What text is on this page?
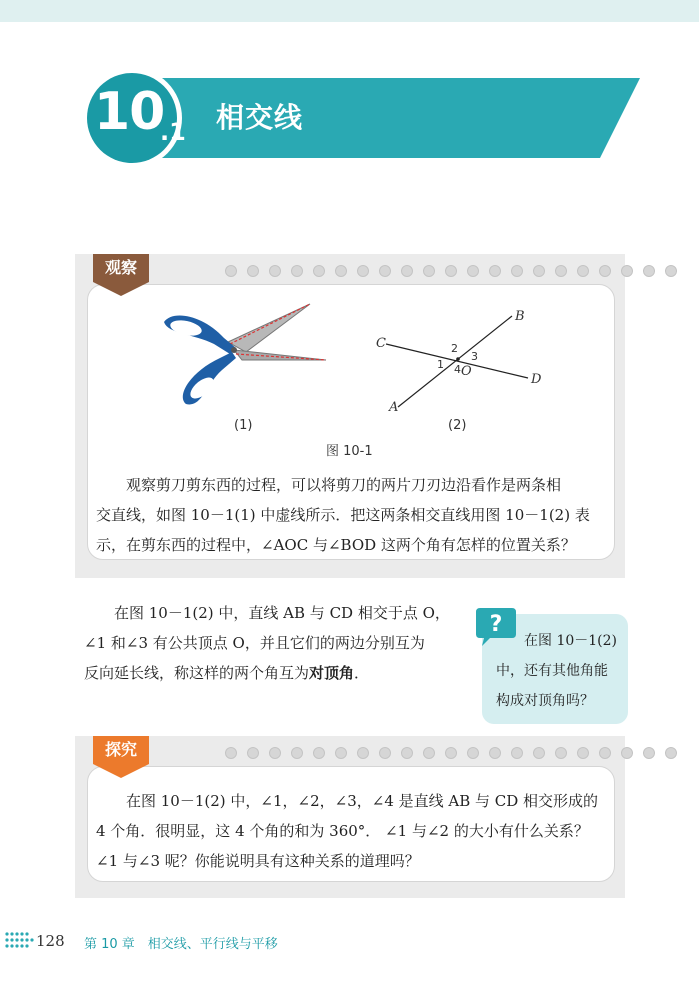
10
.1 相交线
观察
B
C
D
A
O
2
3
1 4
(1)	(2)
图 10-1
观察剪刀剪东西的过程，可以将剪刀的两片刀刃边沿看作是两条相
交直线，如图 10－1(1) 中虚线所示．把这两条相交直线用图 10－1(2) 表
示，在剪东西的过程中，∠AOC 与∠BOD 这两个角有怎样的位置关系？
在图 10－1(2) 中，直线 AB 与 CD 相交于点 O，
∠1 和∠3 有公共顶点 O，并且它们的两边分别互为
反向延长线，称这样的两个角互为对顶角．
在图 10－1(2)
中，还有其他角能
构成对顶角吗？
?
探究
在图 10－1(2) 中，∠1，∠2，∠3，∠4 是直线 AB 与 CD 相交形成的
4 个角．很明显，这 4 个角的和为 360°． ∠1 与∠2 的大小有什么关系？
∠1 与∠3 呢？你能说明具有这种关系的道理吗？
128 第 10 章　相交线、平行线与平移
